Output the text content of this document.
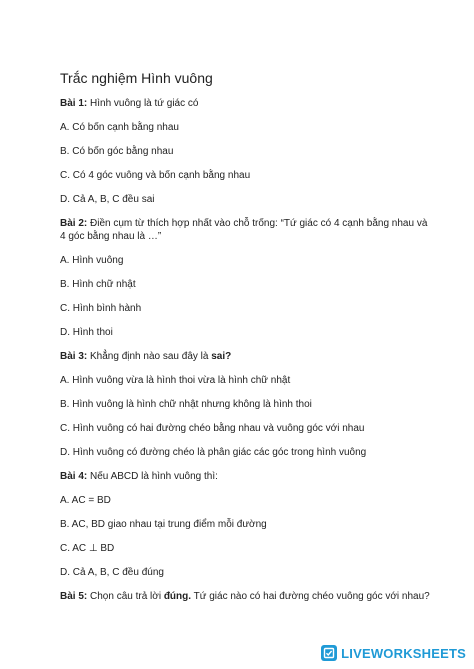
Trắc nghiệm Hình vuông
Bài 1: Hình vuông là tứ giác có
A. Có bốn cạnh bằng nhau
B. Có bốn góc bằng nhau
C. Có 4 góc vuông và bốn cạnh bằng nhau
D. Cả A, B, C đều sai
Bài 2: Điền cụm từ thích hợp nhất vào chỗ trống: “Tứ giác có 4 cạnh bằng nhau và 4 góc bằng nhau là …”
A. Hình vuông
B. Hình chữ nhật
C. Hình bình hành
D. Hình thoi
Bài 3: Khẳng định nào sau đây là sai?
A. Hình vuông vừa là hình thoi vừa là hình chữ nhật
B. Hình vuông là hình chữ nhật nhưng không là hình thoi
C. Hình vuông có hai đường chéo bằng nhau và vuông góc với nhau
D. Hình vuông có đường chéo là phân giác các góc trong hình vuông
Bài 4: Nếu ABCD là hình vuông thì:
A. AC = BD
B. AC, BD giao nhau tại trung điểm mỗi đường
C. AC ⊥ BD
D. Cả A, B, C đều đúng
Bài 5: Chọn câu trả lời đúng. Tứ giác nào có hai đường chéo vuông góc với nhau?
LIVEWORKSHEETS
